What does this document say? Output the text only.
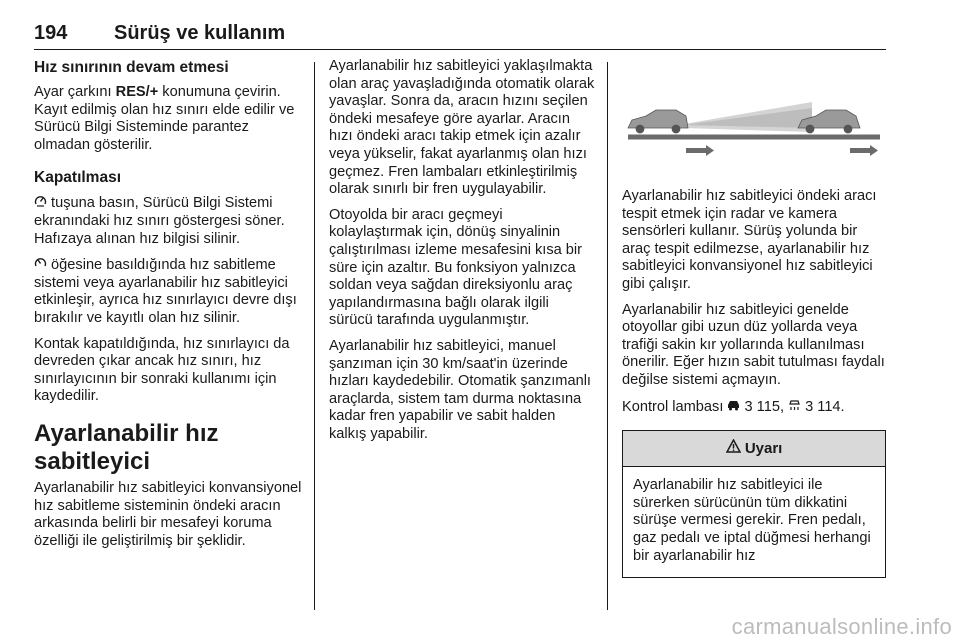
194 Sürüş ve kullanım
Hız sınırının devam etmesi

Ayar çarkını RES/+ konumuna çevirin. Kayıt edilmiş olan hız sınırı elde edilir ve Sürücü Bilgi Sisteminde parantez olmadan gösterilir.

Kapatılması

tuşuna basın, Sürücü Bilgi Sistemi ekranındaki hız sınırı göstergesi söner. Hafızaya alınan hız bilgisi silinir.

öğesine basıldığında hız sabitleme sistemi veya ayarlanabilir hız sabitleyici etkinleşir, ayrıca hız sınırlayıcı devre dışı bırakılır ve kayıtlı olan hız silinir.

Kontak kapatıldığında, hız sınırlayıcı da devreden çıkar ancak hız sınırı, hız sınırlayıcının bir sonraki kullanımı için kaydedilir.

Ayarlanabilir hız sabitleyici

Ayarlanabilir hız sabitleyici konvansiyonel hız sabitleme sisteminin öndeki aracın arkasında belirli bir mesafeyi koruma özelliği ile geliştirilmiş bir şeklidir.

Ayarlanabilir hız sabitleyici yaklaşılmakta olan araç yavaşladığında otomatik olarak yavaşlar. Sonra da, aracın hızını seçilen öndeki mesafeye göre ayarlar. Aracın hızı öndeki aracı takip etmek için azalır veya yükselir, fakat ayarlanmış olan hızı geçmez. Fren lambaları etkinleştirilmiş olarak sınırlı bir fren uygulayabilir.

Otoyolda bir aracı geçmeyi kolaylaştırmak için, dönüş sinyalinin çalıştırılması izleme mesafesini kısa bir süre için azaltır. Bu fonksiyon yalnızca soldan veya sağdan direksiyonlu araç yapılandırmasına bağlı olarak ilgili sürücü tarafında uygulanmıştır.

Ayarlanabilir hız sabitleyici, manuel şanzıman için 30 km/saat'in üzerinde hızları kaydedebilir. Otomatik şanzımanlı araçlarda, sistem tam durma noktasına kadar fren yapabilir ve sabit halden kalkış yapabilir.

Ayarlanabilir hız sabitleyici öndeki aracı tespit etmek için radar ve kamera sensörleri kullanır. Sürüş yolunda bir araç tespit edilmezse, ayarlanabilir hız sabitleyici konvansiyonel hız sabitleyici gibi çalışır.

Ayarlanabilir hız sabitleyici genelde otoyollar gibi uzun düz yollarda veya trafiği sakin kır yollarında kullanılması önerilir. Eğer hızın sabit tutulması faydalı değilse sistemi açmayın.

Kontrol lambası  3 115,  3 114.

Uyarı
Ayarlanabilir hız sabitleyici ile sürerken sürücünün tüm dikkatini sürüşe vermesi gerekir. Fren pedalı, gaz pedalı ve iptal düğmesi herhangi bir ayarlanabilir hız
carmanualsonline.info
